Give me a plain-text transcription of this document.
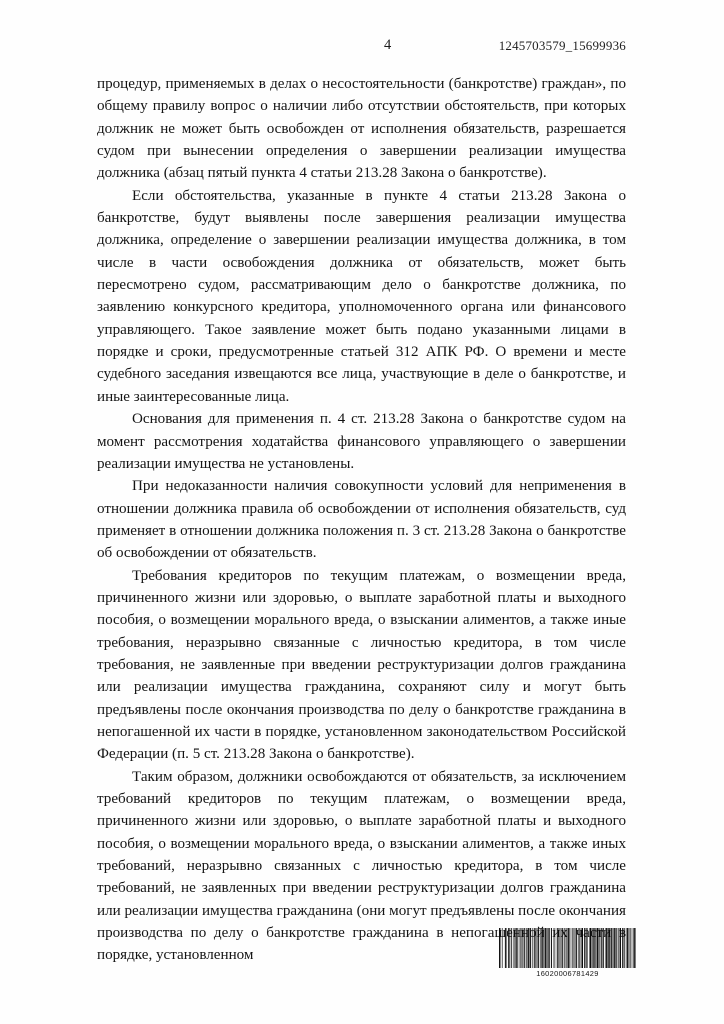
4	1245703579_15699936

процедур, применяемых в делах о несостоятельности (банкротстве) граждан», по общему правилу вопрос о наличии либо отсутствии обстоятельств, при которых должник не может быть освобожден от исполнения обязательств, разрешается судом при вынесении определения о завершении реализации имущества должника (абзац пятый пункта 4 статьи 213.28 Закона о банкротстве).

Если обстоятельства, указанные в пункте 4 статьи 213.28 Закона о банкротстве, будут выявлены после завершения реализации имущества должника, определение о завершении реализации имущества должника, в том числе в части освобождения должника от обязательств, может быть пересмотрено судом, рассматривающим дело о банкротстве должника, по заявлению конкурсного кредитора, уполномоченного органа или финансового управляющего. Такое заявление может быть подано указанными лицами в порядке и сроки, предусмотренные статьей 312 АПК РФ. О времени и месте судебного заседания извещаются все лица, участвующие в деле о банкротстве, и иные заинтересованные лица.

Основания для применения п. 4 ст. 213.28 Закона о банкротстве судом на момент рассмотрения ходатайства финансового управляющего о завершении реализации имущества не установлены.

При недоказанности наличия совокупности условий для неприменения в отношении должника правила об освобождении от исполнения обязательств, суд применяет в отношении должника положения п. 3 ст. 213.28 Закона о банкротстве об освобождении от обязательств.

Требования кредиторов по текущим платежам, о возмещении вреда, причиненного жизни или здоровью, о выплате заработной платы и выходного пособия, о возмещении морального вреда, о взыскании алиментов, а также иные требования, неразрывно связанные с личностью кредитора, в том числе требования, не заявленные при введении реструктуризации долгов гражданина или реализации имущества гражданина, сохраняют силу и могут быть предъявлены после окончания производства по делу о банкротстве гражданина в непогашенной их части в порядке, установленном законодательством Российской Федерации (п. 5 ст. 213.28 Закона о банкротстве).

Таким образом, должники освобождаются от обязательств, за исключением требований кредиторов по текущим платежам, о возмещении вреда, причиненного жизни или здоровью, о выплате заработной платы и выходного пособия, о возмещении морального вреда, о взыскании алиментов, а также иных требований, неразрывно связанных с личностью кредитора, в том числе требований, не заявленных при введении реструктуризации долгов гражданина или реализации имущества гражданина (они могут предъявлены после окончания производства по делу о банкротстве гражданина в непогашенной их части в порядке, установленном

16020006781429
